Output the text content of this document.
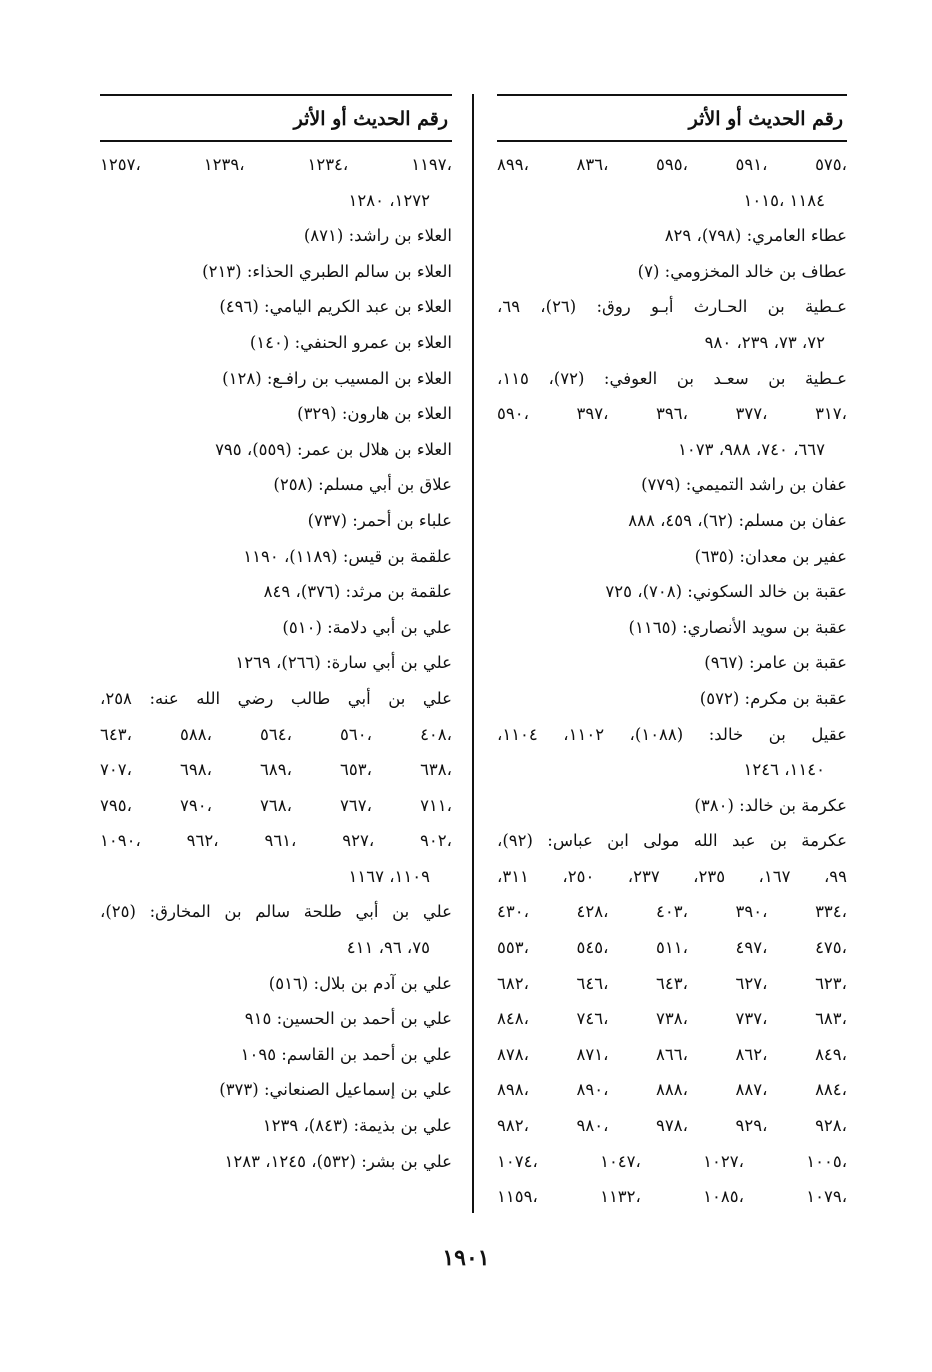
رقم الحديث أو الأثر
،٥٧٥ ،٥٩١ ،٥٩٥ ،٨٣٦ ،٨٩٩
١١٨٤ ،١٠١٥
عطاء العامري: (٧٩٨)، ٨٢٩
عطاف بن خالد المخزومي: (٧)
عـطية بن الحـارث أبـو روق: (٢٦)، ٦٩،
٧٢، ٧٣، ٢٣٩، ٩٨٠
عـطية بن سعـد بن العوفي: (٧٢)، ١١٥،
،٣١٧ ،٣٧٧ ،٣٩٦ ،٣٩٧ ،٥٩٠
٦٦٧، ٧٤٠، ٩٨٨، ١٠٧٣
عفان بن راشد التميمي: (٧٧٩)
عفان بن مسلم: (٦٢)، ٤٥٩، ٨٨٨
عفير بن معدان: (٦٣٥)
عقبة بن خالد السكوني: (٧٠٨)، ٧٢٥
عقبة بن سويد الأنصاري: (١١٦٥)
عقبة بن عامر: (٩٦٧)
عقبة بن مكرم: (٥٧٢)
عقيل بن خالد: (١٠٨٨)، ١١٠٢، ١١٠٤،
١١٤٠، ١٢٤٦
عكرمة بن خالد: (٣٨٠)
عكرمة بن عبد الله مولى ابن عباس: (٩٢)،
٩٩، ١٦٧، ٢٣٥، ٢٣٧، ٢٥٠، ٣١١،
،٣٣٤ ،٣٩٠ ،٤٠٣ ،٤٢٨ ،٤٣٠
،٤٧٥ ،٤٩٧ ،٥١١ ،٥٤٥ ،٥٥٣
،٦٢٣ ،٦٢٧ ،٦٤٣ ،٦٤٦ ،٦٨٢
،٦٨٣ ،٧٣٧ ،٧٣٨ ،٧٤٦ ،٨٤٨
،٨٤٩ ،٨٦٢ ،٨٦٦ ،٨٧١ ،٨٧٨
،٨٨٤ ،٨٨٧ ،٨٨٨ ،٨٩٠ ،٨٩٨
،٩٢٨ ،٩٢٩ ،٩٧٨ ،٩٨٠ ،٩٨٢
،١٠٠٥ ،١٠٢٧ ،١٠٤٧ ،١٠٧٤
،١٠٧٩ ،١٠٨٥ ،١١٣٢ ،١١٥٩
رقم الحديث أو الأثر
،١١٩٧ ،١٢٣٤ ،١٢٣٩ ،١٢٥٧
١٢٧٢، ١٢٨٠
العلاء بن راشد: (٨٧١)
العلاء بن سالم الطبري الحذاء: (٢١٣)
العلاء بن عبد الكريم اليامي: (٤٩٦)
العلاء بن عمرو الحنفي: (١٤٠)
العلاء بن المسيب بن رافـع: (١٢٨)
العلاء بن هارون: (٣٢٩)
العلاء بن هلال بن عمر: (٥٥٩)، ٧٩٥
علاق بن أبي مسلم: (٢٥٨)
علباء بن أحمر: (٧٣٧)
علقمة بن قيس: (١١٨٩)، ١١٩٠
علقمة بن مرثد: (٣٧٦)، ٨٤٩
علي بن أبي دلامة: (٥١٠)
علي بن أبي سارة: (٢٦٦)، ١٢٦٩
علي بن أبي طالب رضي الله عنه: ٢٥٨،
،٤٠٨ ،٥٦٠ ،٥٦٤ ،٥٨٨ ،٦٤٣
،٦٣٨ ،٦٥٣ ،٦٨٩ ،٦٩٨ ،٧٠٧
،٧١١ ،٧٦٧ ،٧٦٨ ،٧٩٠ ،٧٩٥
،٩٠٢ ،٩٢٧ ،٩٦١ ،٩٦٢ ،١٠٩٠
١١٠٩، ١١٦٧
علي بن أبي طلحة سالم بن المخارق: (٢٥)،
٧٥، ٩٦، ٤١١
علي بن آدم بن بلال: (٥١٦)
علي بن أحمد بن الحسين: ٩١٥
علي بن أحمد بن القاسم: ١٠٩٥
علي بن إسماعيل الصنعاني: (٣٧٣)
علي بن بذيمة: (٨٤٣)، ١٢٣٩
علي بن بشر: (٥٣٢)، ١٢٤٥، ١٢٨٣
١٩٠١
